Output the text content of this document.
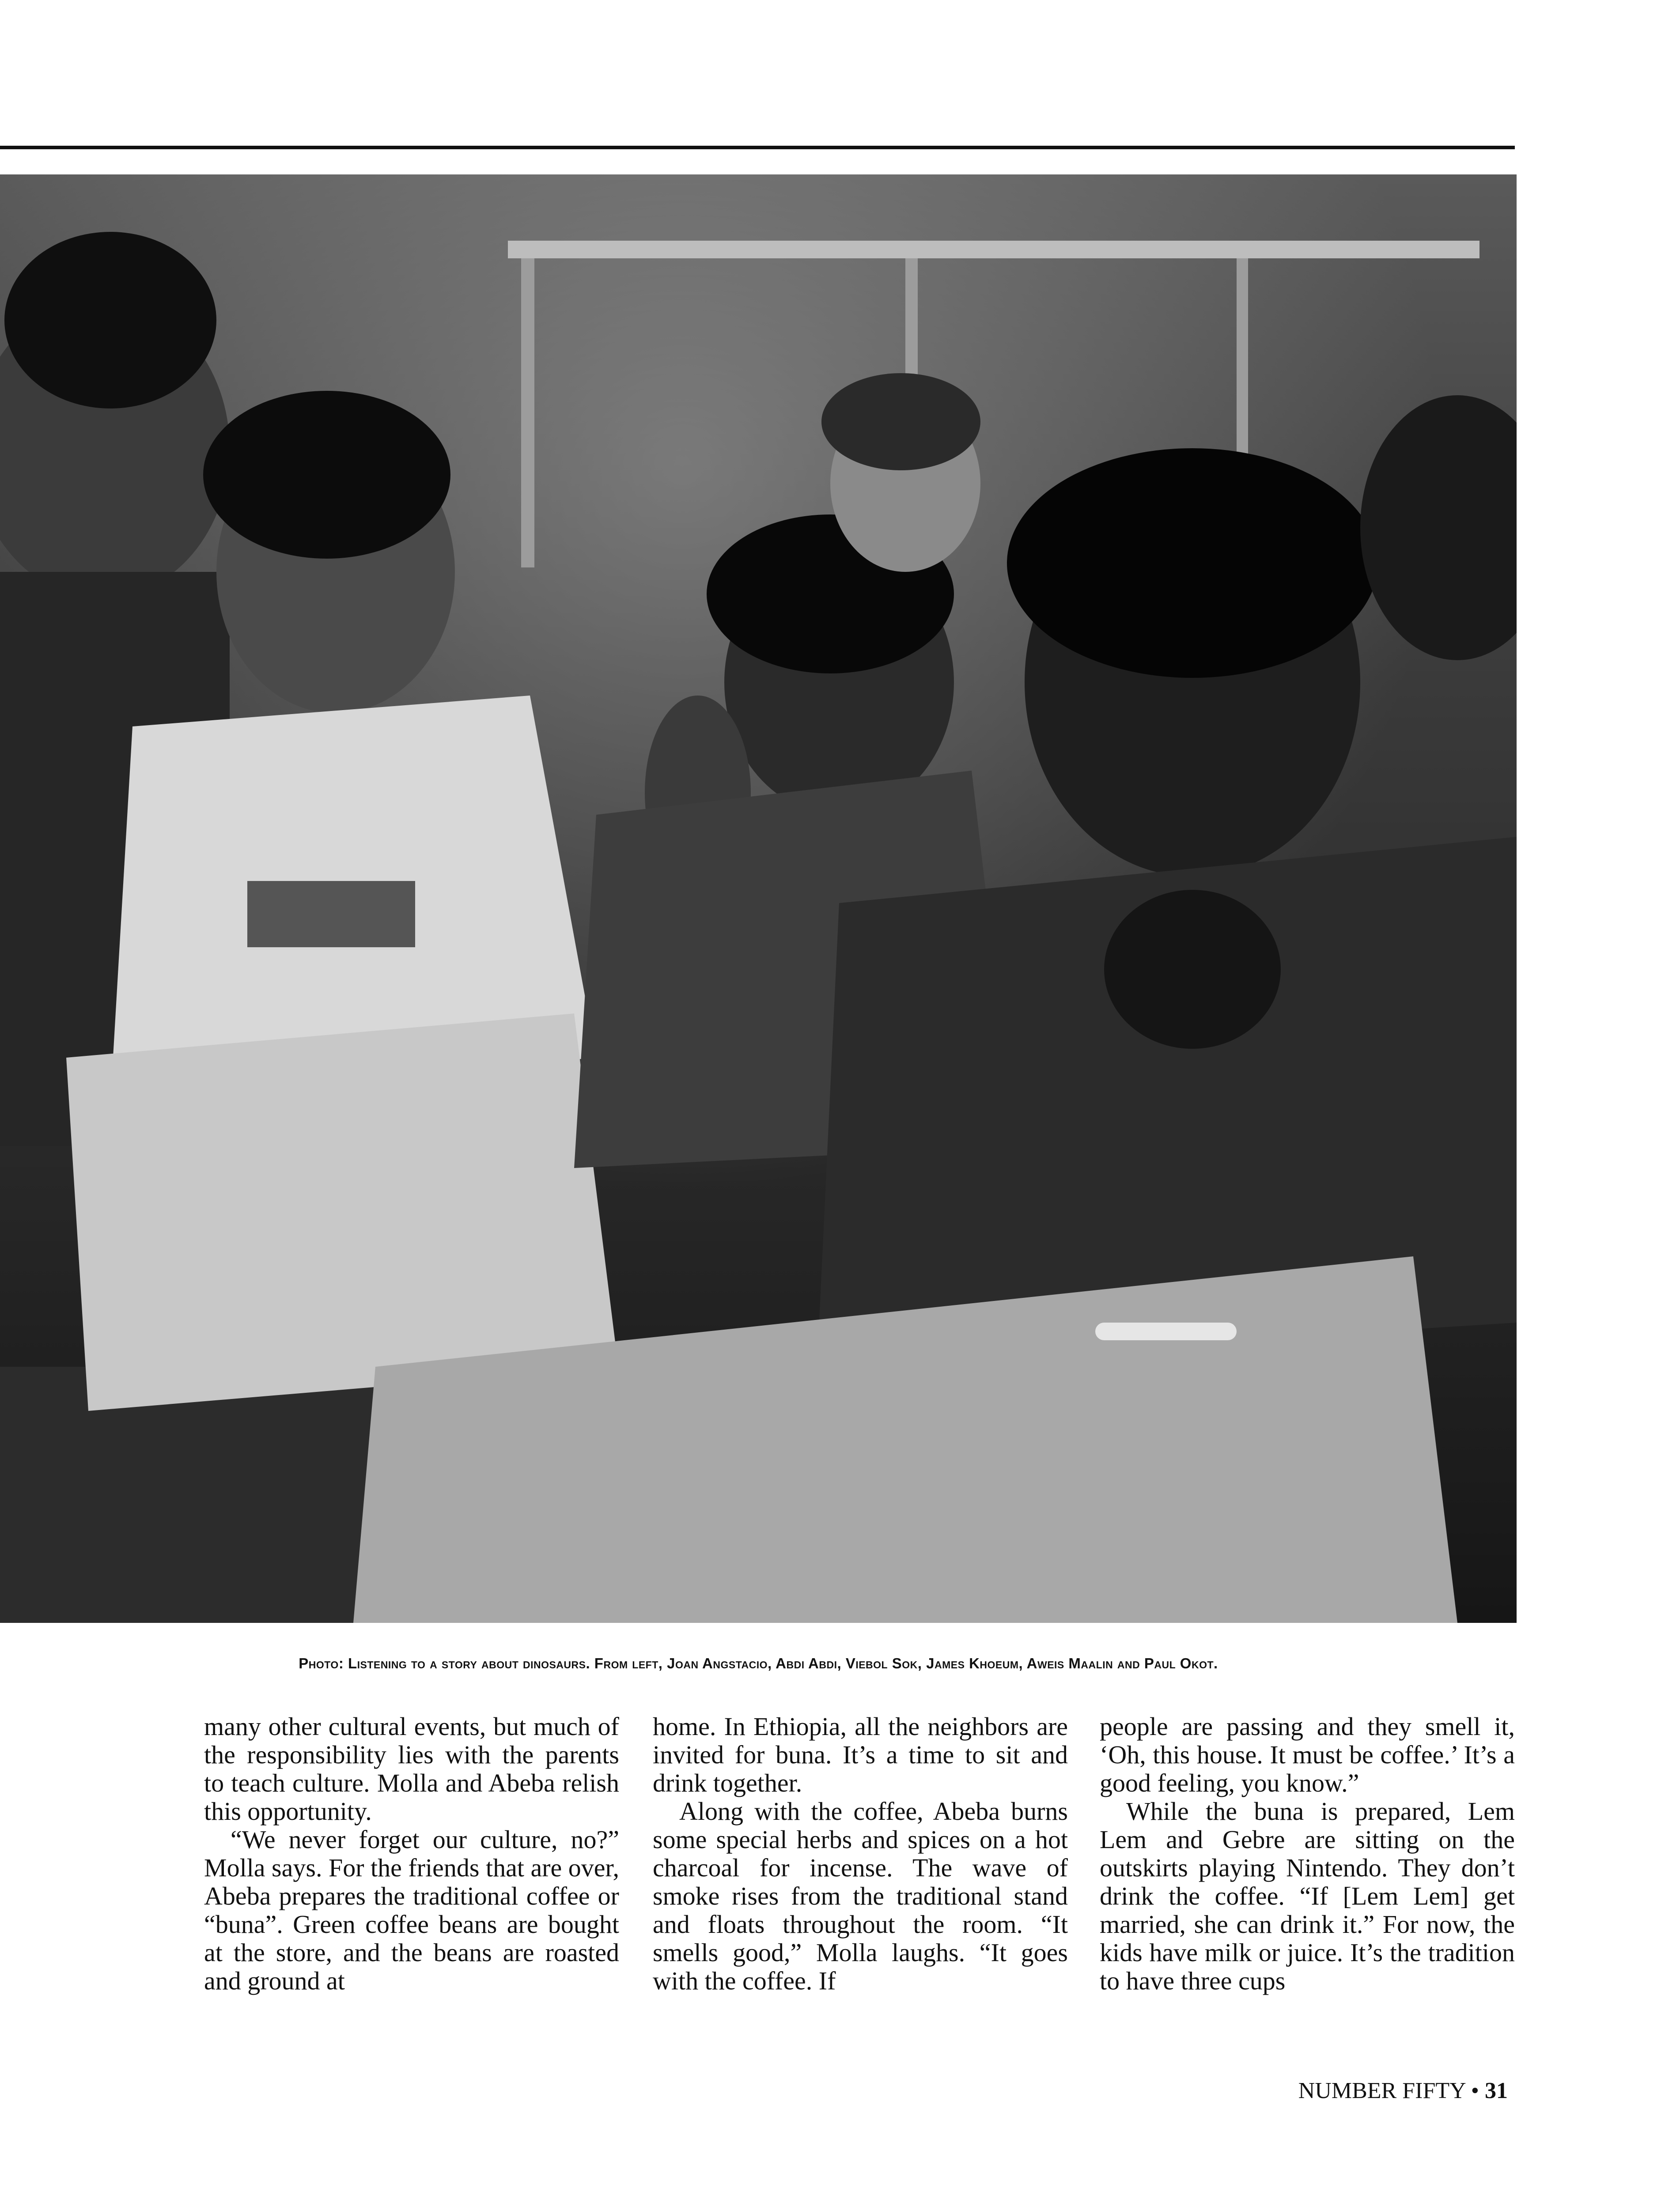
Photo: Listening to a story about dinosaurs. From left, Joan Angstacio, Abdi Abdi, Viebol Sok, James Khoeum, Aweis Maalin and Paul Okot.

many other cultural events, but much of the responsibility lies with the parents to teach culture. Molla and Abeba relish this opportunity.

“We never forget our culture, no?” Molla says. For the friends that are over, Abeba prepares the traditional coffee or “buna”. Green coffee beans are bought at the store, and the beans are roasted and ground at

home. In Ethiopia, all the neighbors are invited for buna. It’s a time to sit and drink together.

Along with the coffee, Abeba burns some special herbs and spices on a hot charcoal for incense. The wave of smoke rises from the traditional stand and floats throughout the room. “It smells good,” Molla laughs. “It goes with the coffee. If

people are passing and they smell it, ‘Oh, this house. It must be coffee.’ It’s a good feeling, you know.”

While the buna is prepared, Lem Lem and Gebre are sitting on the outskirts playing Nintendo. They don’t drink the coffee. “If [Lem Lem] get married, she can drink it.” For now, the kids have milk or juice. It’s the tradition to have three cups

NUMBER FIFTY • 31
